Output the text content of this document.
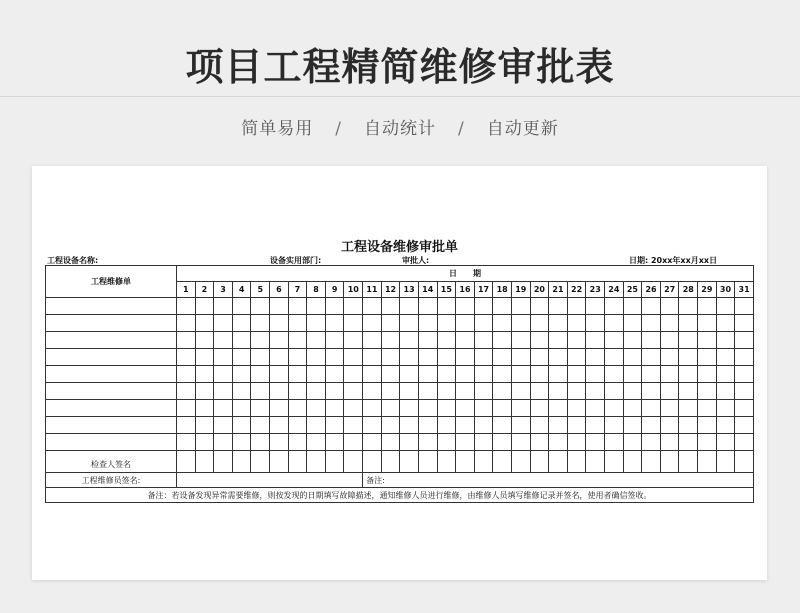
项目工程精简维修审批表
简单易用 / 自动统计 / 自动更新
工程设备维修审批单
工程设备名称:	设备实用部门:	审批人:	日期: 20xx年xx月xx日
工程维修单	日　　期																														
	1	2	3	4	5	6	7	8	9	10	11	12	13	14	15	16	17	18	19	20	21	22	23	24	25	26	27	28	29	30	31

检查人签名																															
工程维修员签名:											备注:																				
备注：若设备发现异常需要维修，则按发现的日期填写故障描述，通知维修人员进行维修，由维修人员填写维修记录并签名，使用者确信签收。																															
